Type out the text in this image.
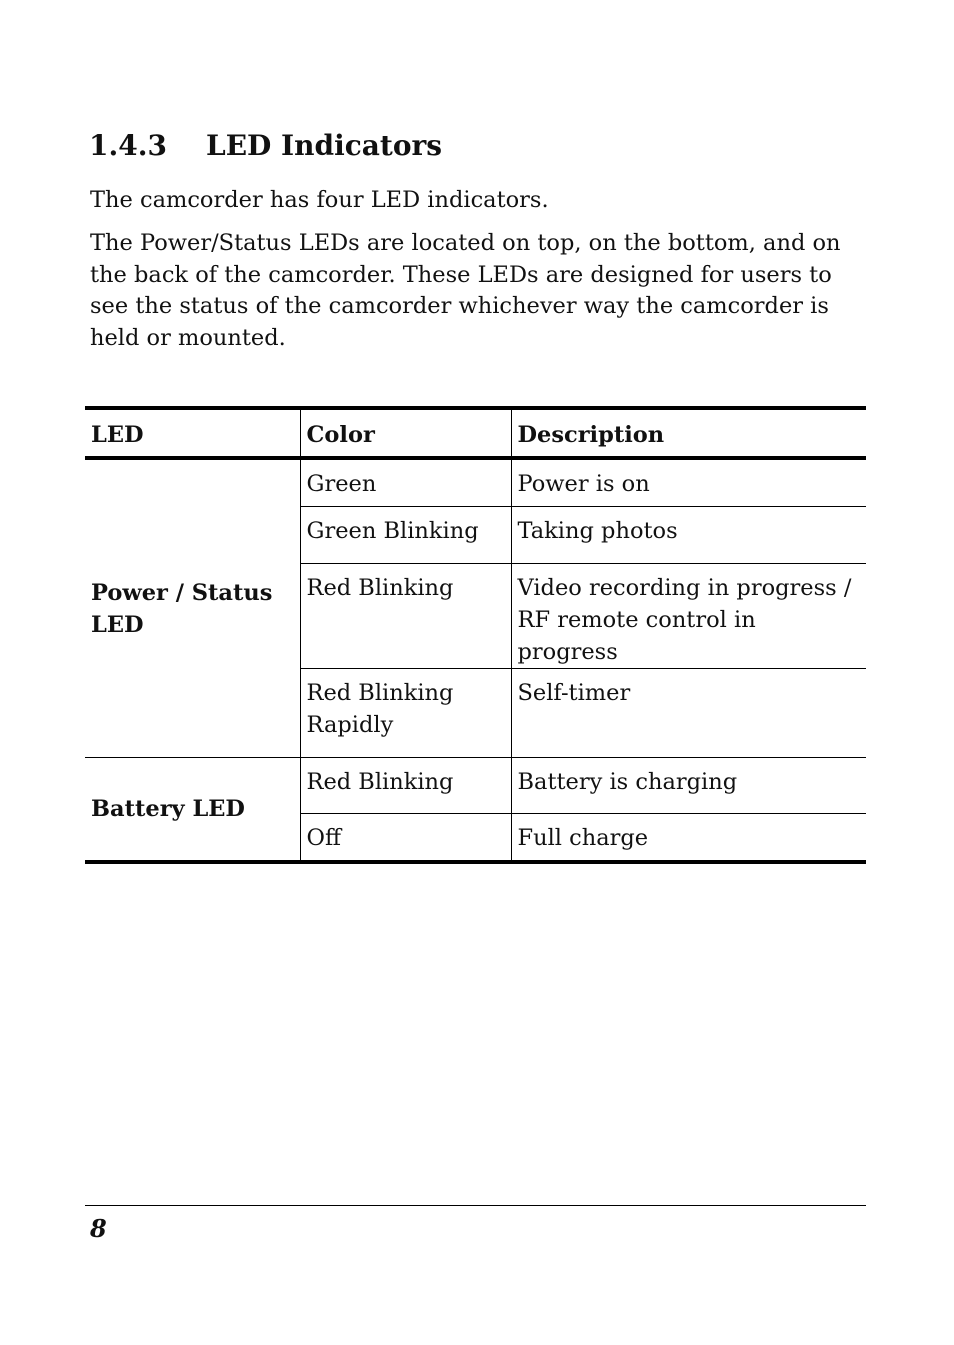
1.4.3 LED Indicators

The camcorder has four LED indicators.

The Power/Status LEDs are located on top, on the bottom, and on the back of the camcorder. These LEDs are designed for users to see the status of the camcorder whichever way the camcorder is held or mounted.

LED	Color	Description
Power / Status LED	Green	Power is on
	Green Blinking	Taking photos
	Red Blinking	Video recording in progress / RF remote control in progress
	Red Blinking Rapidly	Self-timer
Battery LED	Red Blinking	Battery is charging
	Off	Full charge
8
